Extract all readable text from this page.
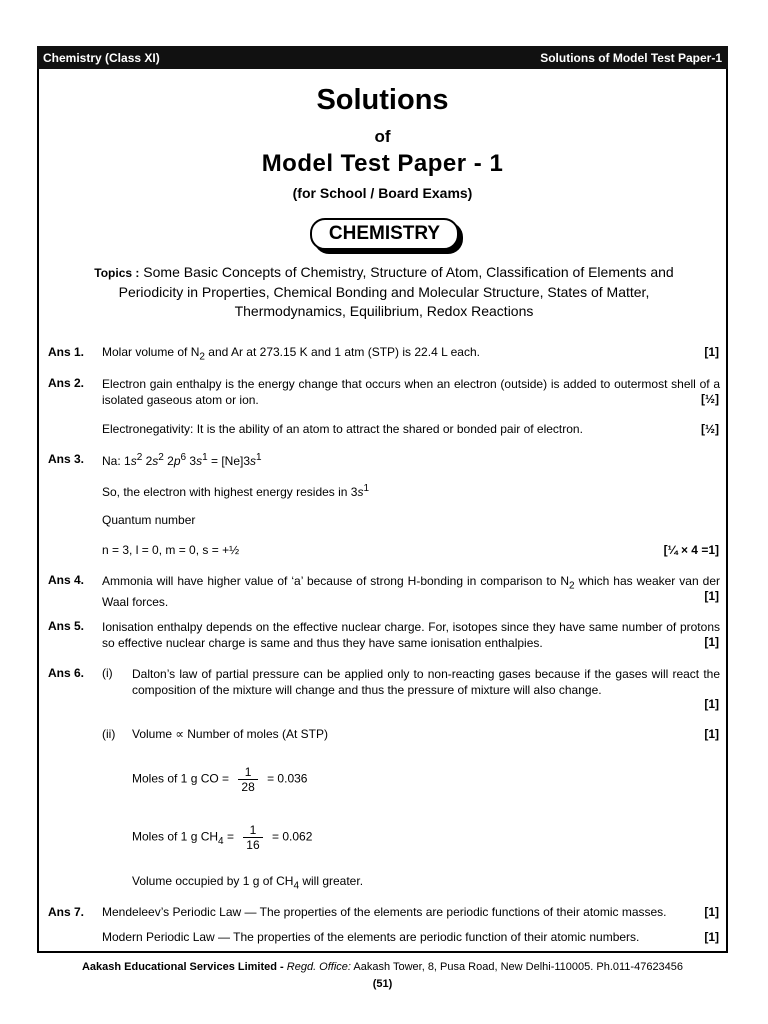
Chemistry (Class XI)	Solutions of Model Test Paper-1
Solutions
of
Model Test Paper - 1
(for School / Board Exams)
CHEMISTRY
Topics : Some Basic Concepts of Chemistry, Structure of Atom, Classification of Elements and Periodicity in Properties, Chemical Bonding and Molecular Structure, States of Matter, Thermodynamics, Equilibrium, Redox Reactions
Ans 1. Molar volume of $N_2$ and Ar at 273.15 K and 1 atm (STP) is 22.4 L each.	[1]
Ans 2. Electron gain enthalpy is the energy change that occurs when an electron (outside) is added to outermost shell of a isolated gaseous atom or ion.	[½]
Electronegativity: It is the ability of an atom to attract the shared or bonded pair of electron.	[½]
Ans 3. Na: $1s^2$ $2s^2$ $2p^6$ $3s^1 = [Ne]3s^1$
So, the electron with highest energy resides in $3s^1$
Quantum number
n = 3, l = 0, m = 0, s = +½	[¼ × 4 =1]
Ans 4. Ammonia will have higher value of ‘a’ because of strong H-bonding in comparison to $N_2$ which has weaker van der Waal forces.	[1]
Ans 5. Ionisation enthalpy depends on the effective nuclear charge. For, isotopes since they have same number of protons so effective nuclear charge is same and thus they have same ionisation enthalpies.	[1]
Ans 6. (i) Dalton’s law of partial pressure can be applied only to non-reacting gases because if the gases will react the composition of the mixture will change and thus the pressure of mixture will also change.
[1]
(ii) Volume ∝ Number of moles (At STP)	[1]
Moles of 1 g CO = $\frac{1}{28} = 0.036$
Moles of 1 g $CH_4 = \frac{1}{16} = 0.062$
Volume occupied by 1 g of $CH_4$ will greater.
Ans 7. Mendeleev’s Periodic Law — The properties of the elements are periodic functions of their atomic masses.	[1]
Modern Periodic Law — The properties of the elements are periodic function of their atomic numbers.	[1]
Aakash Educational Services Limited - Regd. Office: Aakash Tower, 8, Pusa Road, New Delhi-110005. Ph.011-47623456
(51)
